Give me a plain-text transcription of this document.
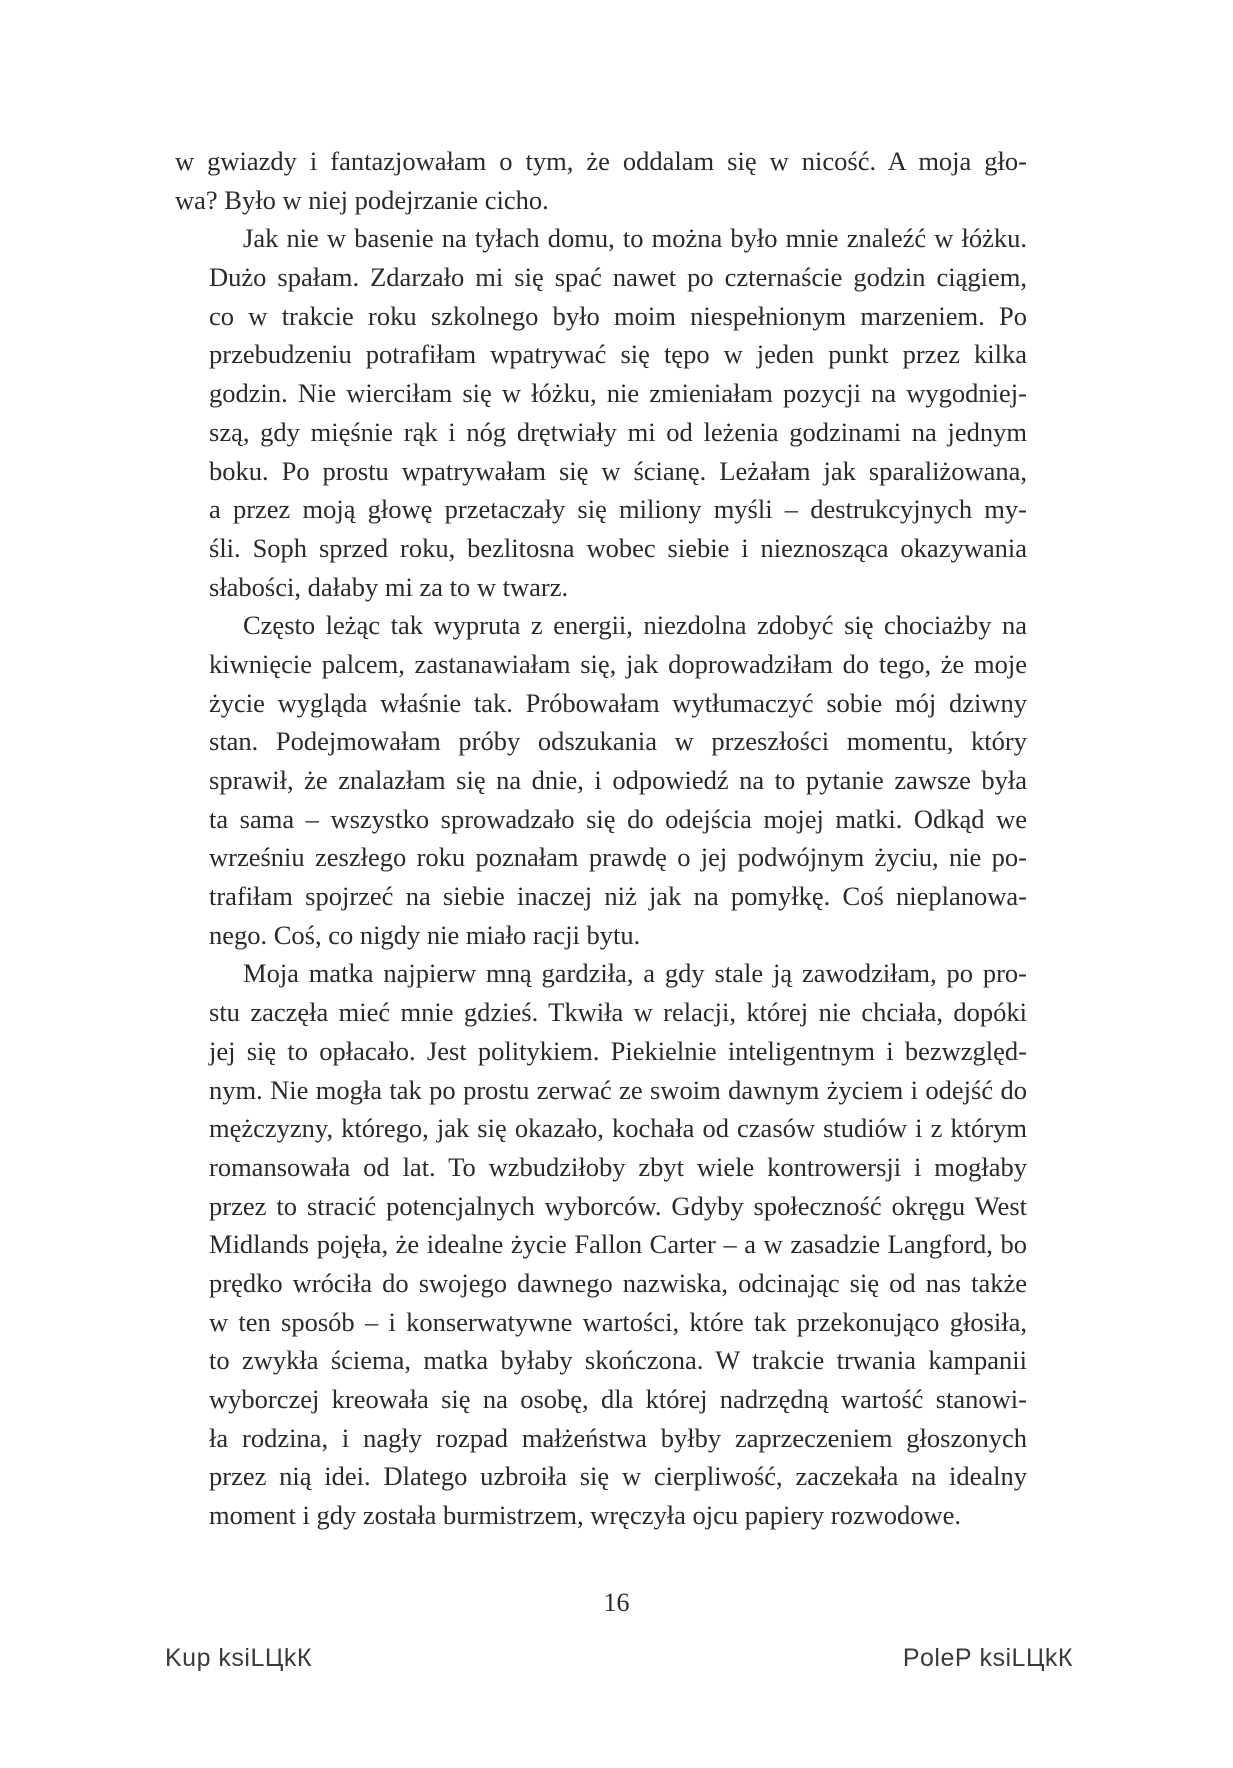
w gwiazdy i fantazjowałam o tym, że oddalam się w nicość. A moja gło-
wa? Było w niej podejrzanie cicho.
Jak nie w basenie na tyłach domu, to można było mnie znaleźć w łóżku.
Dużo spałam. Zdarzało mi się spać nawet po czternaście godzin ciągiem,
co w trakcie roku szkolnego było moim niespełnionym marzeniem. Po
przebudzeniu potrafiłam wpatrywać się tępo w jeden punkt przez kilka
godzin. Nie wierciłam się w łóżku, nie zmieniałam pozycji na wygodniej-
szą, gdy mięśnie rąk i nóg drętwiały mi od leżenia godzinami na jednym
boku. Po prostu wpatrywałam się w ścianę. Leżałam jak sparaliżowana,
a przez moją głowę przetaczały się miliony myśli – destrukcyjnych my-
śli. Soph sprzed roku, bezlitosna wobec siebie i nieznosząca okazywania
słabości, dałaby mi za to w twarz.
Często leżąc tak wypruta z energii, niezdolna zdobyć się chociażby na
kiwnięcie palcem, zastanawiałam się, jak doprowadziłam do tego, że moje
życie wygląda właśnie tak. Próbowałam wytłumaczyć sobie mój dziwny
stan. Podejmowałam próby odszukania w przeszłości momentu, który
sprawił, że znalazłam się na dnie, i odpowiedź na to pytanie zawsze była
ta sama – wszystko sprowadzało się do odejścia mojej matki. Odkąd we
wrześniu zeszłego roku poznałam prawdę o jej podwójnym życiu, nie po-
trafiłam spojrzeć na siebie inaczej niż jak na pomyłkę. Coś nieplanowa-
nego. Coś, co nigdy nie miało racji bytu.
Moja matka najpierw mną gardziła, a gdy stale ją zawodziłam, po pro-
stu zaczęła mieć mnie gdzieś. Tkwiła w relacji, której nie chciała, dopóki
jej się to opłacało. Jest politykiem. Piekielnie inteligentnym i bezwzględ-
nym. Nie mogła tak po prostu zerwać ze swoim dawnym życiem i odejść do
mężczyzny, którego, jak się okazało, kochała od czasów studiów i z którym
romansowała od lat. To wzbudziłoby zbyt wiele kontrowersji i mogłaby
przez to stracić potencjalnych wyborców. Gdyby społeczność okręgu West
Midlands pojęła, że idealne życie Fallon Carter – a w zasadzie Langford, bo
prędko wróciła do swojego dawnego nazwiska, odcinając się od nas także
w ten sposób – i konserwatywne wartości, które tak przekonująco głosiła,
to zwykła ściema, matka byłaby skończona. W trakcie trwania kampanii
wyborczej kreowała się na osobę, dla której nadrzędną wartość stanowi-
ła rodzina, i nagły rozpad małżeństwa byłby zaprzeczeniem głoszonych
przez nią idei. Dlatego uzbroiła się w cierpliwość, zaczekała na idealny
moment i gdy została burmistrzem, wręczyła ojcu papiery rozwodowe.
16
Kup ksiLЦkК	PoleР ksiLЦkК
